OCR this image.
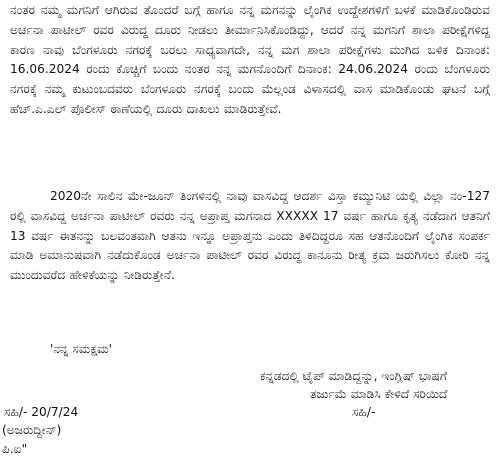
ನಂತರ ನಮ್ಮ ಮಗನಿಗೆ ಆಗಿರುವ ತೊಂದರೆ ಬಗ್ಗೆ ಹಾಗೂ ನನ್ನ ಮಗನನ್ನು ಲೈಂಗಿಕ ಉದ್ದೇಶಗಳಿಗೆ ಬಳಕೆ ಮಾಡಿಕೊಂಡಿರುವ ಅರ್ಚನಾ ಪಾಟೀಲ್ ರವರ ವಿರುದ್ಧ ದೂರು ನೀಡಲು ತೀರ್ಮಾನಿಸಿಕೊಂಡಿದ್ದು, ಆದರೆ ನನ್ನ ಮಗನಿಗೆ ಶಾಲಾ ಪರೀಕ್ಷೆಗಳಿದ್ದ ಕಾರಣ ನಾವು ಬೆಂಗಳೂರು ನಗರಕ್ಕೆ ಬರಲು ಸಾಧ್ಯವಾಗದೇ, ನನ್ನ ಮಗ ಶಾಲಾ ಪರೀಕ್ಷೆಗಳು ಮುಗಿದ ಬಳಿಕ ದಿನಾಂಕ: 16.06.2024 ರಂದು ಕೊಚ್ಚಿಗೆ ಬಂದು ನಂತರ ನನ್ನ ಮಗನೊಂದಿಗೆ ದಿನಾಂಕ: 24.06.2024 ರಂದು ಬೆಂಗಳೂರು ನಗರಕ್ಕೆ ನಮ್ಮ ಕುಟುಂಬದವರು ಬೆಂಗಳೂರು ನಗರಕ್ಕೆ ಬಂದು ಮೆಲ್ಲಂಡ ವಿಳಾಸದಲ್ಲಿ ವಾಸ ಮಾಡಿಕೊಂಡು ಘಟನೆ ಬಗ್ಗೆ ಹೆಚ್.ಎ.ಎಲ್ ಪೊಲೀಸ್ ಠಾಣೆಯಲ್ಲಿ ದೂರು ದಾಖಲು ಮಾಡಿರುತ್ತೇವೆ.

2020ನೇ ಸಾಲಿನ ಮೇ-ಜೂನ್ ತಿಂಗಳಿನಲ್ಲಿ ನಾವು ವಾಸವಿದ್ದ ಆದರ್ಶ ವಿಸ್ತಾ ಕಮ್ಯುನಿಟಿ ಯಲ್ಲಿ ವಿಲ್ಲಾ ನಂ-127 ರಲ್ಲಿ ವಾಸವಿದ್ದ ಅರ್ಚನಾ ಪಾಟೀಲ್ ರವರು ನನ್ನ ಅಪ್ರಾಪ್ತ ಮಗನಾದ XXXXX 17 ವರ್ಷ ಹಾಗೂ ಕೃತ್ಯ ನಡೆದಾಗ ಆತನಿಗೆ 13 ವರ್ಷ ಈತನನ್ನು ಬಲವಂತವಾಗಿ ಆತನು ಇನ್ನೂ ಅಪ್ರಾಪ್ತನು ಎಂದು ತಿಳಿದಿದ್ದರೂ ಸಹ ಆತನೊಂದಿಗೆ ಲೈಂಗಿಕ ಸಂಪರ್ಕ ಮಾಡಿ ಅಮಾನುಷವಾಗಿ ನಡೆದುಕೊಂಡ ಅರ್ಚನಾ ಪಾಟೀಲ್ ರವರ ವಿರುದ್ಧ ಕಾನೂನು ರೀತ್ಯ ಕ್ರಮ ಜರುಗಿಸಲು ಕೋರಿ ನನ್ನ ಮುಂದುವರೆದ ಹೇಳಿಕೆಯನ್ನು ನೀಡಿರುತ್ತೇನೆ.

'ನನ್ನ ಸಮಕ್ಷಮ'
ಕನ್ನಡದಲ್ಲಿ ಟೈಪ್ ಮಾಡಿದ್ದನ್ನು, ಇಂಗ್ಲಿಷ್ ಭಾಷಗೆ
ತರ್ಜುಮೆ ಮಾಡಿಸಿ ಕೇಳಿದೆ ಸರಿಯಿದೆ
ಸಹಿ/- 20/7/24	ಸಹಿ/-
(ಅಜರುದ್ದೀನ್)
ಪಿ.ಐ"
